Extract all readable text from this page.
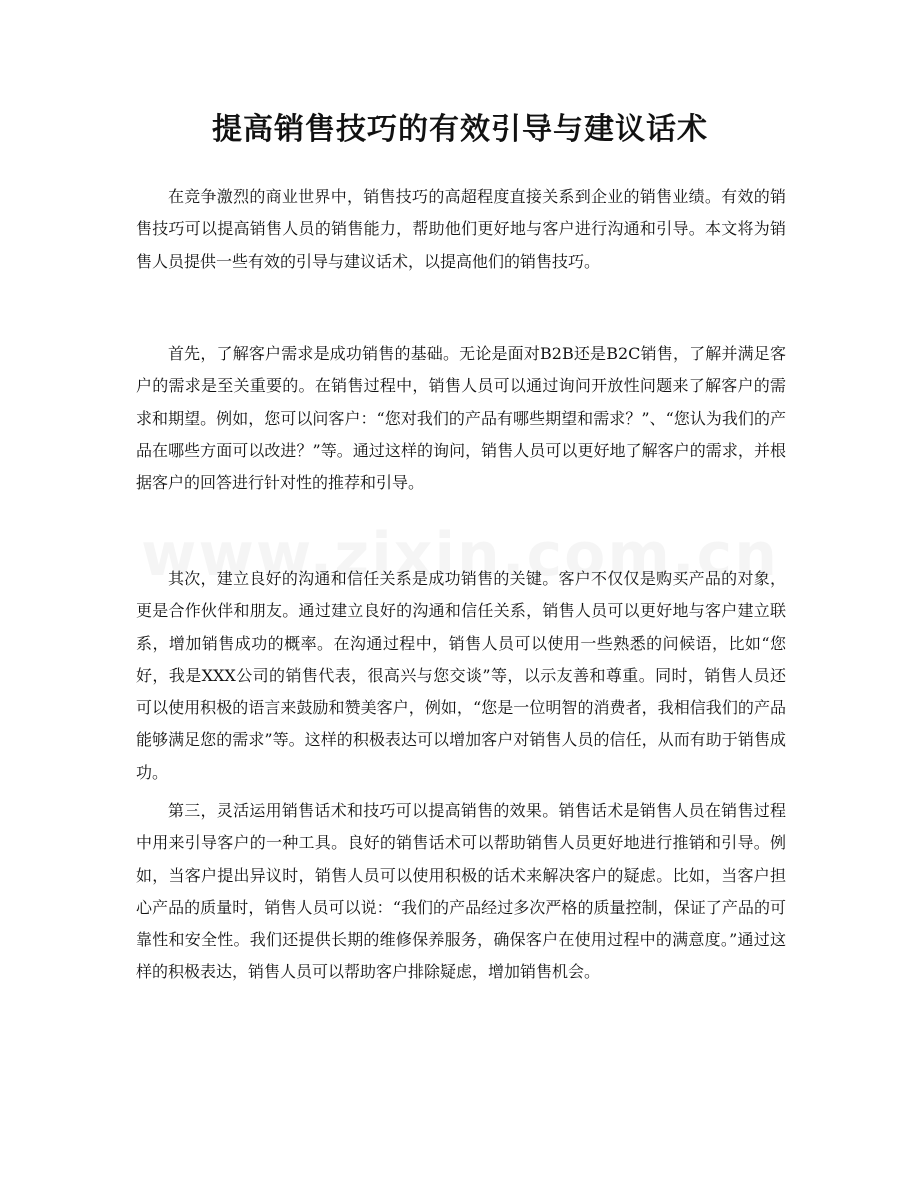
提高销售技巧的有效引导与建议话术

在竞争激烈的商业世界中，销售技巧的高超程度直接关系到企业的销售业绩。有效的销售技巧可以提高销售人员的销售能力，帮助他们更好地与客户进行沟通和引导。本文将为销售人员提供一些有效的引导与建议话术，以提高他们的销售技巧。

首先，了解客户需求是成功销售的基础。无论是面对B2B还是B2C销售，了解并满足客户的需求是至关重要的。在销售过程中，销售人员可以通过询问开放性问题来了解客户的需求和期望。例如，您可以问客户：“您对我们的产品有哪些期望和需求？”、“您认为我们的产品在哪些方面可以改进？”等。通过这样的询问，销售人员可以更好地了解客户的需求，并根据客户的回答进行针对性的推荐和引导。

其次，建立良好的沟通和信任关系是成功销售的关键。客户不仅仅是购买产品的对象，更是合作伙伴和朋友。通过建立良好的沟通和信任关系，销售人员可以更好地与客户建立联系，增加销售成功的概率。在沟通过程中，销售人员可以使用一些熟悉的问候语，比如“您好，我是XXX公司的销售代表，很高兴与您交谈”等，以示友善和尊重。同时，销售人员还可以使用积极的语言来鼓励和赞美客户，例如，“您是一位明智的消费者，我相信我们的产品能够满足您的需求”等。这样的积极表达可以增加客户对销售人员的信任，从而有助于销售成功。

第三，灵活运用销售话术和技巧可以提高销售的效果。销售话术是销售人员在销售过程中用来引导客户的一种工具。良好的销售话术可以帮助销售人员更好地进行推销和引导。例如，当客户提出异议时，销售人员可以使用积极的话术来解决客户的疑虑。比如，当客户担心产品的质量时，销售人员可以说：“我们的产品经过多次严格的质量控制，保证了产品的可靠性和安全性。我们还提供长期的维修保养服务，确保客户在使用过程中的满意度。”通过这样的积极表达，销售人员可以帮助客户排除疑虑，增加销售机会。
